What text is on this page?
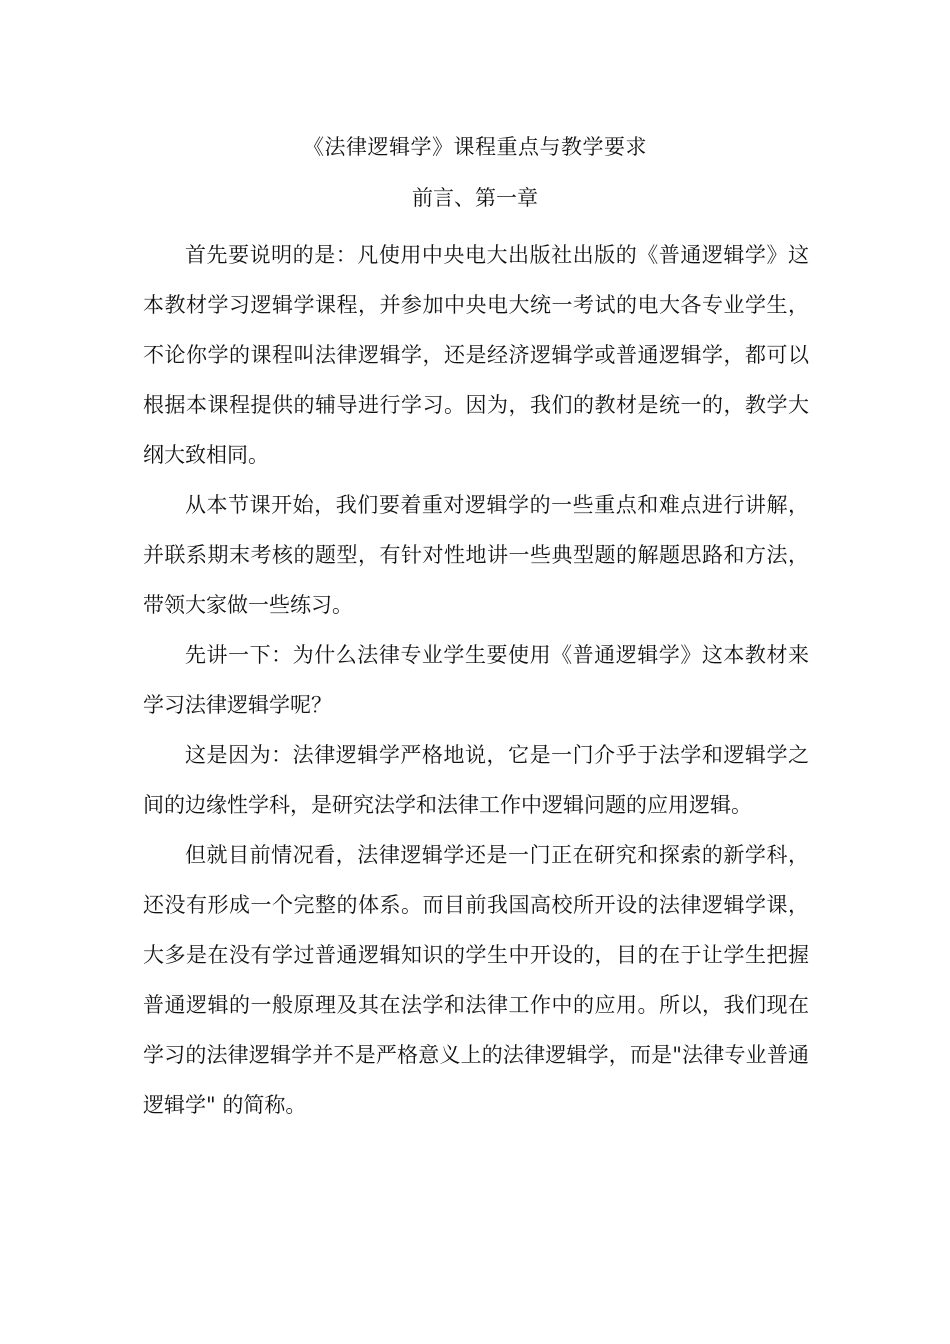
《法律逻辑学》课程重点与教学要求
前言、第一章

首先要说明的是：凡使用中央电大出版社出版的《普通逻辑学》这本教材学习逻辑学课程，并参加中央电大统一考试的电大各专业学生，不论你学的课程叫法律逻辑学，还是经济逻辑学或普通逻辑学，都可以根据本课程提供的辅导进行学习。因为，我们的教材是统一的，教学大纲大致相同。

从本节课开始，我们要着重对逻辑学的一些重点和难点进行讲解，并联系期末考核的题型，有针对性地讲一些典型题的解题思路和方法，带领大家做一些练习。

先讲一下：为什么法律专业学生要使用《普通逻辑学》这本教材来学习法律逻辑学呢？

这是因为：法律逻辑学严格地说，它是一门介乎于法学和逻辑学之间的边缘性学科，是研究法学和法律工作中逻辑问题的应用逻辑。

但就目前情况看，法律逻辑学还是一门正在研究和探索的新学科，还没有形成一个完整的体系。而目前我国高校所开设的法律逻辑学课，大多是在没有学过普通逻辑知识的学生中开设的，目的在于让学生把握普通逻辑的一般原理及其在法学和法律工作中的应用。所以，我们现在学习的法律逻辑学并不是严格意义上的法律逻辑学，而是"法律专业普通逻辑学" 的简称。
